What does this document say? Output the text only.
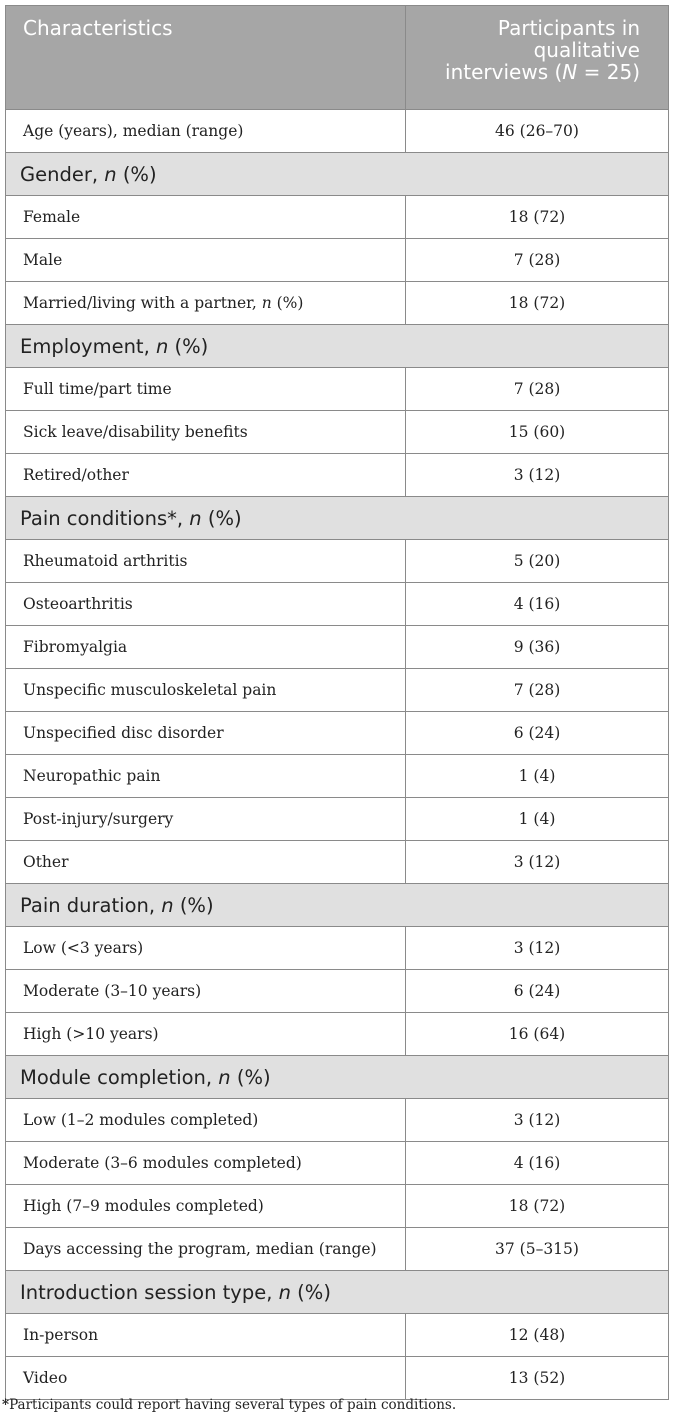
Characteristics	Participants in
qualitative
interviews (N = 25)
Age (years), median (range)	46 (26–70)
Gender, n (%)	
Female	18 (72)
Male	7 (28)
Married/living with a partner, n (%)	18 (72)
Employment, n (%)	
Full time/part time	7 (28)
Sick leave/disability benefits	15 (60)
Retired/other	3 (12)
Pain conditions*, n (%)	
Rheumatoid arthritis	5 (20)
Osteoarthritis	4 (16)
Fibromyalgia	9 (36)
Unspecific musculoskeletal pain	7 (28)
Unspecified disc disorder	6 (24)
Neuropathic pain	1 (4)
Post-injury/surgery	1 (4)
Other	3 (12)
Pain duration, n (%)	
Low (<3 years)	3 (12)
Moderate (3–10 years)	6 (24)
High (>10 years)	16 (64)
Module completion, n (%)	
Low (1–2 modules completed)	3 (12)
Moderate (3–6 modules completed)	4 (16)
High (7–9 modules completed)	18 (72)
Days accessing the program, median (range)	37 (5–315)
Introduction session type, n (%)	
In-person	12 (48)
Video	13 (52)
*Participants could report having several types of pain conditions.
